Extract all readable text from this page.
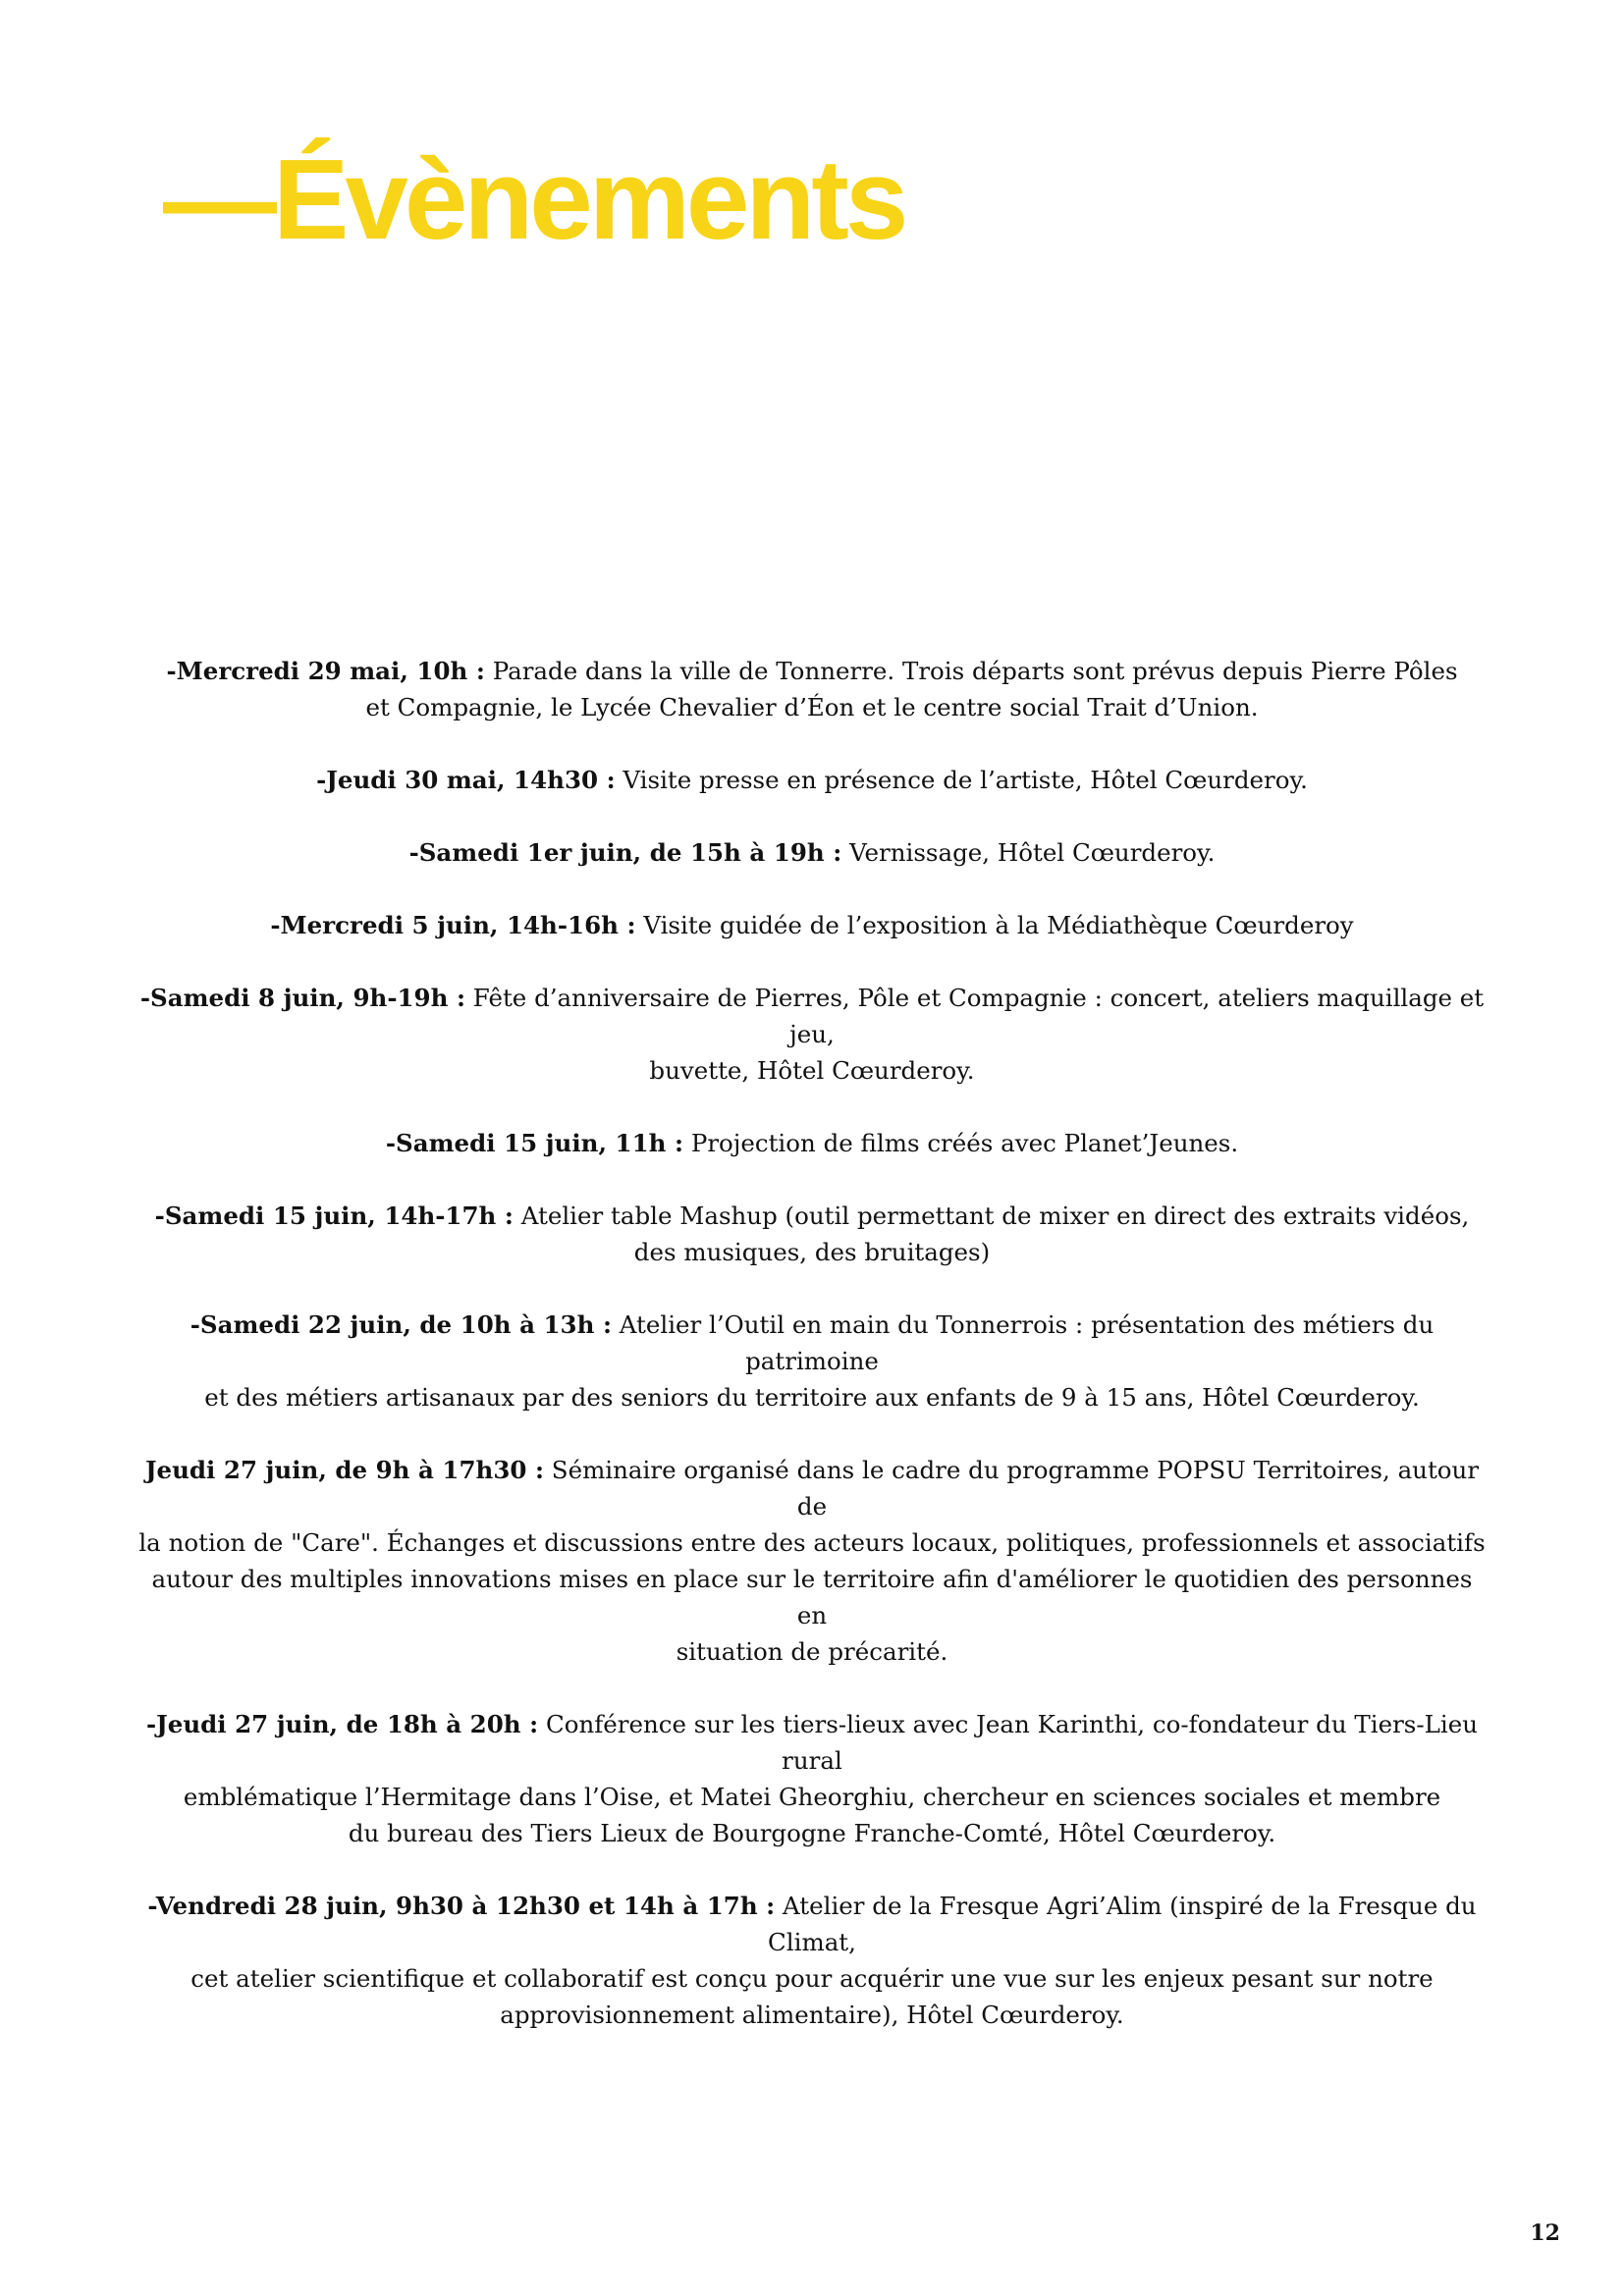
—Évènements

-Mercredi 29 mai, 10h : Parade dans la ville de Tonnerre. Trois départs sont prévus depuis Pierre Pôles
et Compagnie, le Lycée Chevalier d’Éon et le centre social Trait d’Union.

-Jeudi 30 mai, 14h30 : Visite presse en présence de l’artiste, Hôtel Cœurderoy.

-Samedi 1er juin, de 15h à 19h : Vernissage, Hôtel Cœurderoy.

-Mercredi 5 juin, 14h-16h : Visite guidée de l’exposition à la Médiathèque Cœurderoy

-Samedi 8 juin, 9h-19h : Fête d’anniversaire de Pierres, Pôle et Compagnie : concert, ateliers maquillage et jeu,
buvette, Hôtel Cœurderoy.

-Samedi 15 juin, 11h : Projection de films créés avec Planet’Jeunes.

-Samedi 15 juin, 14h-17h : Atelier table Mashup (outil permettant de mixer en direct des extraits vidéos,
des musiques, des bruitages)

-Samedi 22 juin, de 10h à 13h : Atelier l’Outil en main du Tonnerrois : présentation des métiers du patrimoine
et des métiers artisanaux par des seniors du territoire aux enfants de 9 à 15 ans, Hôtel Cœurderoy.

Jeudi 27 juin, de 9h à 17h30 : Séminaire organisé dans le cadre du programme POPSU Territoires, autour de
la notion de "Care". Échanges et discussions entre des acteurs locaux, politiques, professionnels et associatifs
autour des multiples innovations mises en place sur le territoire afin d'améliorer le quotidien des personnes en
situation de précarité.

-Jeudi 27 juin, de 18h à 20h : Conférence sur les tiers-lieux avec Jean Karinthi, co-fondateur du Tiers-Lieu rural
emblématique l’Hermitage dans l’Oise, et Matei Gheorghiu, chercheur en sciences sociales et membre
du bureau des Tiers Lieux de Bourgogne Franche-Comté, Hôtel Cœurderoy.

-Vendredi 28 juin, 9h30 à 12h30 et 14h à 17h : Atelier de la Fresque Agri’Alim (inspiré de la Fresque du Climat,
cet atelier scientifique et collaboratif est conçu pour acquérir une vue sur les enjeux pesant sur notre
approvisionnement alimentaire), Hôtel Cœurderoy.

12
